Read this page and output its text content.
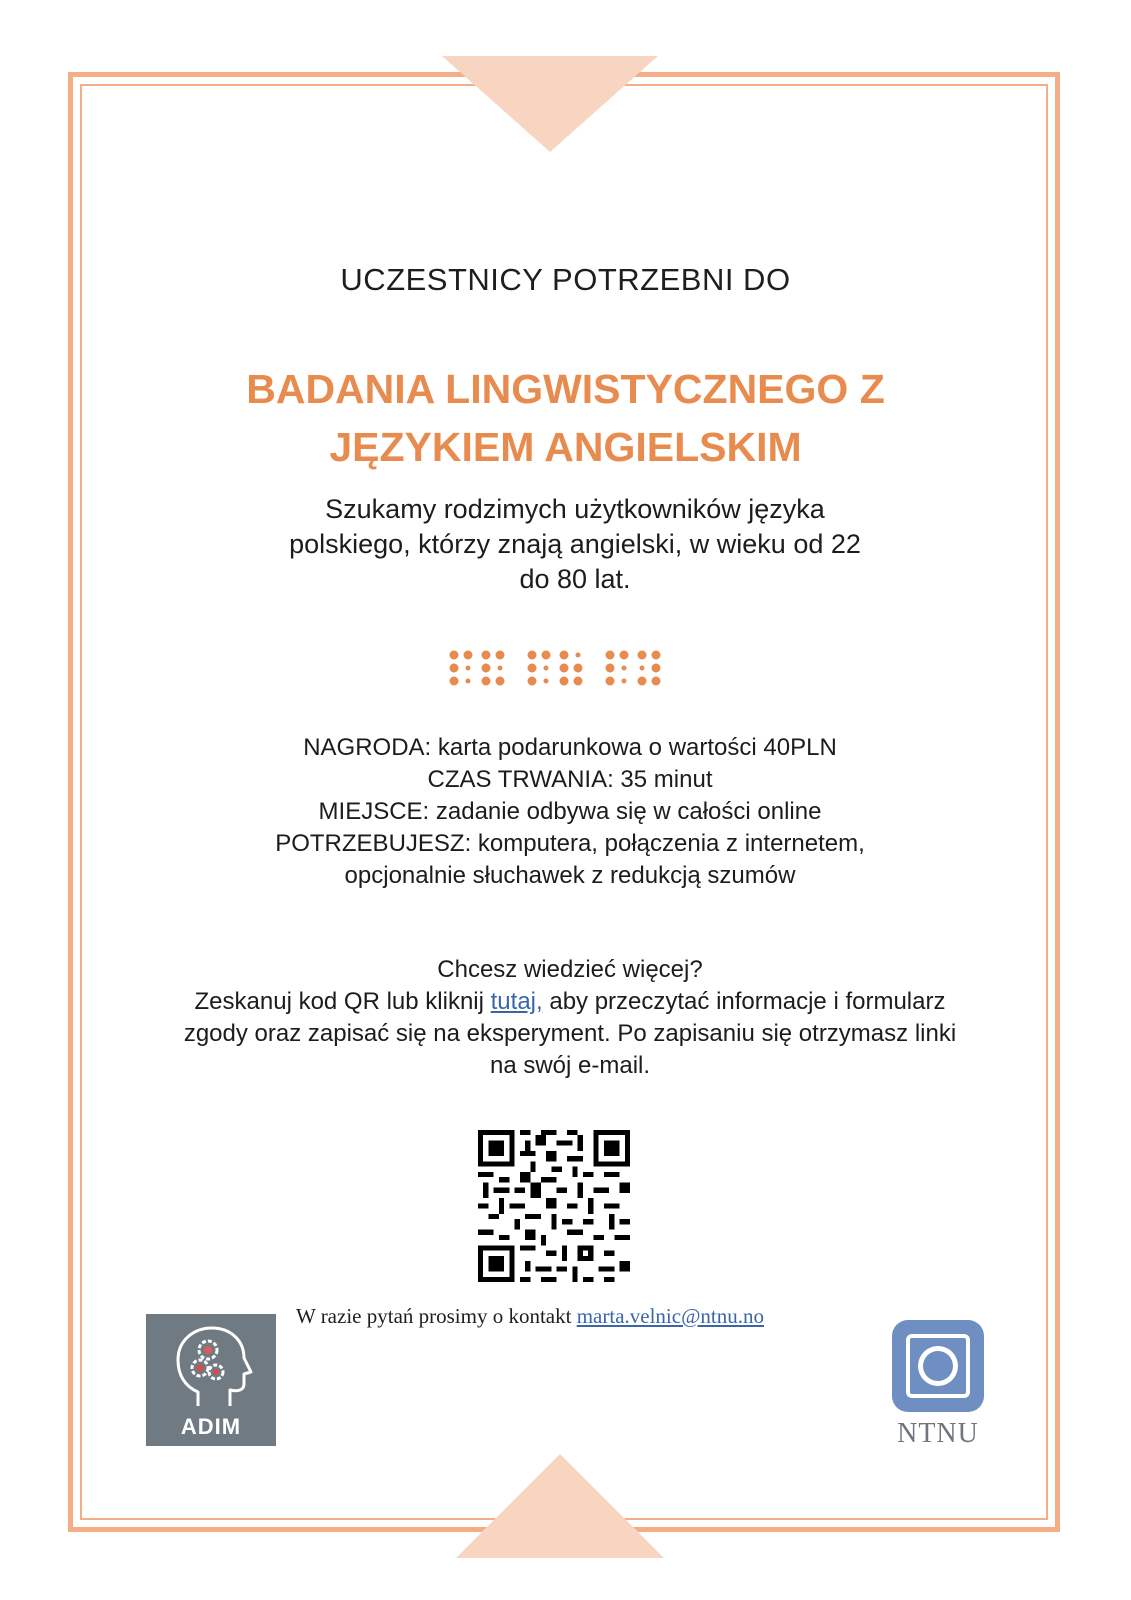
UCZESTNICY POTRZEBNI DO
BADANIA LINGWISTYCZNEGO Z
JĘZYKIEM ANGIELSKIM
Szukamy rodzimych użytkowników języka
polskiego, którzy znają angielski, w wieku od 22
do 80 lat.
NAGRODA: karta podarunkowa o wartości 40PLN
CZAS TRWANIA: 35 minut
MIEJSCE: zadanie odbywa się w całości online
POTRZEBUJESZ: komputera, połączenia z internetem,
opcjonalnie słuchawek z redukcją szumów
Chcesz wiedzieć więcej?
Zeskanuj kod QR lub kliknij tutaj, aby przeczytać informacje i formularz
zgody oraz zapisać się na eksperyment. Po zapisaniu się otrzymasz linki
na swój e-mail.
W razie pytań prosimy o kontakt marta.velnic@ntnu.no
ADIM	NTNU
